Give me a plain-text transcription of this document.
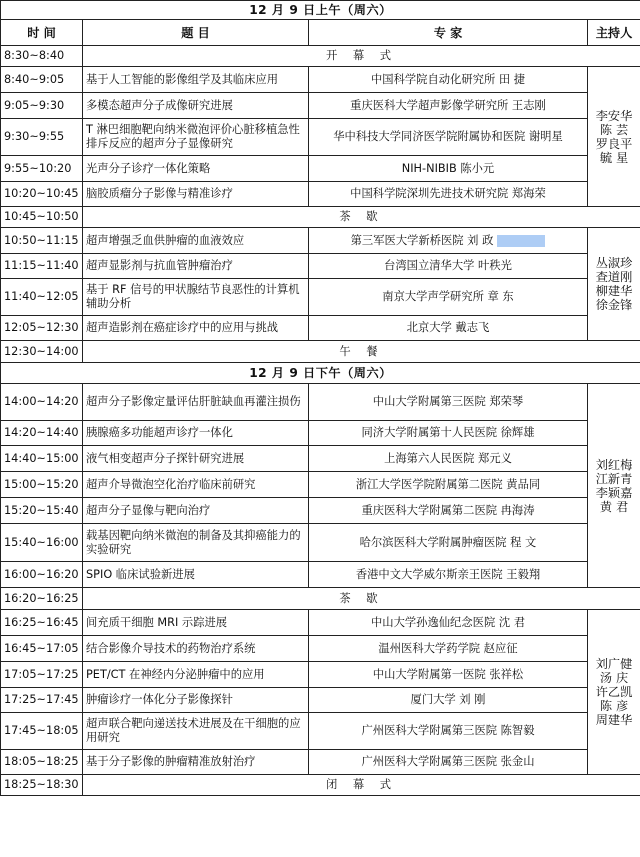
12 月 9 日上午（周六）			
时 间	题 目	专 家	主持人
8:30~8:40	开 幕 式		
8:40~9:05	基于人工智能的影像组学及其临床应用	中国科学院自动化研究所 田 捷	李安华
陈 芸
罗良平
毓 星

9:05~9:30	多模态超声分子成像研究进展	重庆医科大学超声影像学研究所 王志刚	
9:30~9:55	T 淋巴细胞靶向纳米微泡评价心脏移植急性排斥反应的超声分子显像研究	华中科技大学同济医学院附属协和医院 谢明星	
9:55~10:20	光声分子诊疗一体化策略	NIH-NIBIB 陈小元	
10:20~10:45	脑胶质瘤分子影像与精准诊疗	中国科学院深圳先进技术研究院 郑海荣	
10:45~10:50	茶 歇		
10:50~11:15	超声增强乏血供肿瘤的血液效应	第三军医大学新桥医院 刘 政	丛淑珍
查道刚
柳建华
徐金锋

11:15~11:40	超声显影剂与抗血管肿瘤治疗	台湾国立清华大学 叶秩光	
11:40~12:05	基于 RF 信号的甲状腺结节良恶性的计算机辅助分析	南京大学声学研究所 章 东	
12:05~12:30	超声造影剂在癌症诊疗中的应用与挑战	北京大学 戴志飞	
12:30~14:00	午 餐		
12 月 9 日下午（周六）			
14:00~14:20	超声分子影像定量评估肝脏缺血再灌注损伤	中山大学附属第三医院 郑荣琴	刘红梅
江新青
李颖嘉
黄 君

14:20~14:40	胰腺癌多功能超声诊疗一体化	同济大学附属第十人民医院 徐辉雄	
14:40~15:00	液气相变超声分子探针研究进展	上海第六人民医院 郑元义	
15:00~15:20	超声介导微泡空化治疗临床前研究	浙江大学医学院附属第二医院 黄品同	
15:20~15:40	超声分子显像与靶向治疗	重庆医科大学附属第二医院 冉海涛	
15:40~16:00	载基因靶向纳米微泡的制备及其抑癌能力的实验研究	哈尔滨医科大学附属肿瘤医院 程 文	
16:00~16:20	SPIO 临床试验新进展	香港中文大学威尔斯亲王医院 王毅翔	
16:20~16:25	茶 歇		
16:25~16:45	间充质干细胞 MRI 示踪进展	中山大学孙逸仙纪念医院 沈 君	刘广健
汤 庆
许乙凯
陈 彦
周建华

16:45~17:05	结合影像介导技术的药物治疗系统	温州医科大学药学院 赵应征	
17:05~17:25	PET/CT 在神经内分泌肿瘤中的应用	中山大学附属第一医院 张祥松	
17:25~17:45	肿瘤诊疗一体化分子影像探针	厦门大学 刘 刚	
17:45~18:05	超声联合靶向递送技术进展及在干细胞的应用研究	广州医科大学附属第三医院 陈智毅	
18:05~18:25	基于分子影像的肿瘤精准放射治疗	广州医科大学附属第三医院 张金山	
18:25~18:30	闭 幕 式		
